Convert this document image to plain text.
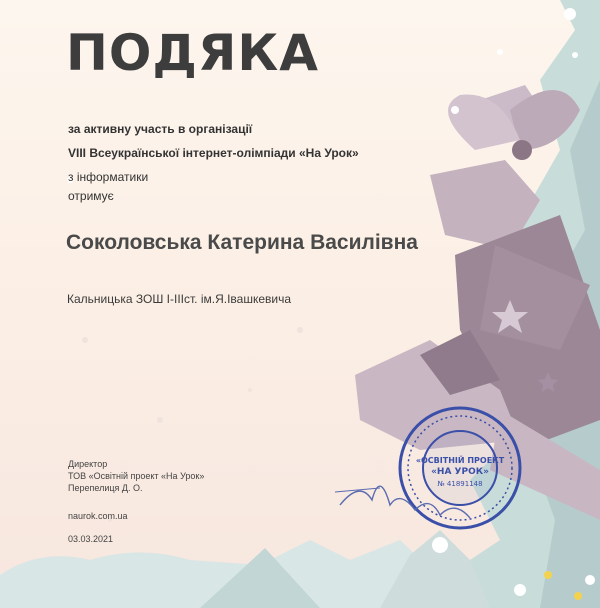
«ОСВІТНІЙ ПРОЕКТ
«НА УРОК»
№ 41891148
ПОДЯКА
за активну участь в організації
VIII Всеукраїнської інтернет-олімпіади «На Урок»
з інформатики
отримує
Соколовська Катерина Василівна
Кальницька ЗОШ І-ІІІст. ім.Я.Івашкевича
Директор
ТОВ «Освітній проект «На Урок»
Перепелиця Д. О.
naurok.com.ua
03.03.2021
